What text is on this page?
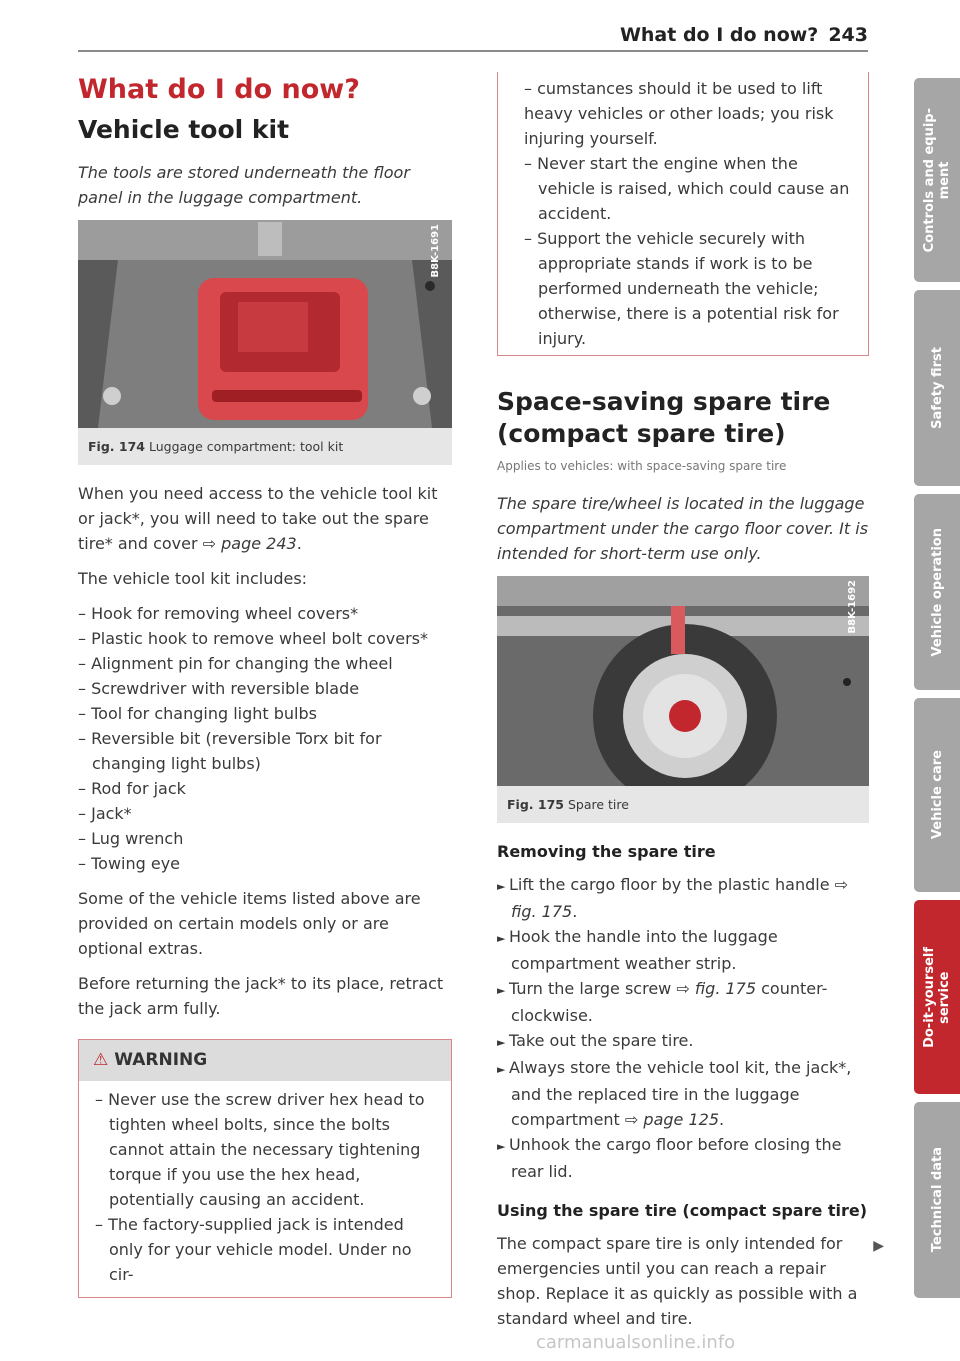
What do I do now? 243
What do I do now?
Vehicle tool kit

The tools are stored underneath the floor panel in the luggage compartment.

B8K-1691
Fig. 174 Luggage compartment: tool kit

When you need access to the vehicle tool kit or jack*, you will need to take out the spare tire* and cover ⇨ page 243.

The vehicle tool kit includes:

– Hook for removing wheel covers*
– Plastic hook to remove wheel bolt covers*
– Alignment pin for changing the wheel
– Screwdriver with reversible blade
– Tool for changing light bulbs
– Reversible bit (reversible Torx bit for changing light bulbs)
– Rod for jack
– Jack*
– Lug wrench
– Towing eye

Some of the vehicle items listed above are provided on certain models only or are optional extras.

Before returning the jack* to its place, retract the jack arm fully.

⚠ WARNING
– Never use the screw driver hex head to tighten wheel bolts, since the bolts cannot attain the necessary tightening torque if you use the hex head, potentially causing an accident.
– The factory-supplied jack is intended only for your vehicle model. Under no cir-
– cumstances should it be used to lift heavy vehicles or other loads; you risk injuring yourself.
– Never start the engine when the vehicle is raised, which could cause an accident.
– Support the vehicle securely with appropriate stands if work is to be performed underneath the vehicle; otherwise, there is a potential risk for injury.
Space-saving spare tire (compact spare tire)
Applies to vehicles: with space-saving spare tire

The spare tire/wheel is located in the luggage compartment under the cargo floor cover. It is intended for short-term use only.

B8K-1692
Fig. 175 Spare tire
Removing the spare tire
► Lift the cargo floor by the plastic handle ⇨ fig. 175.
► Hook the handle into the luggage compartment weather strip.
► Turn the large screw ⇨ fig. 175 counter-clockwise.
► Take out the spare tire.
► Always store the vehicle tool kit, the jack*, and the replaced tire in the luggage compartment ⇨ page 125.
► Unhook the cargo floor before closing the rear lid.
Using the spare tire (compact spare tire)

The compact spare tire is only intended for emergencies until you can reach a repair shop. Replace it as quickly as possible with a standard wheel and tire.

▶
Controls and equip-
ment
Safety first
Vehicle operation
Vehicle care
Do-it-yourself
service
Technical data
carmanualsonline.info
